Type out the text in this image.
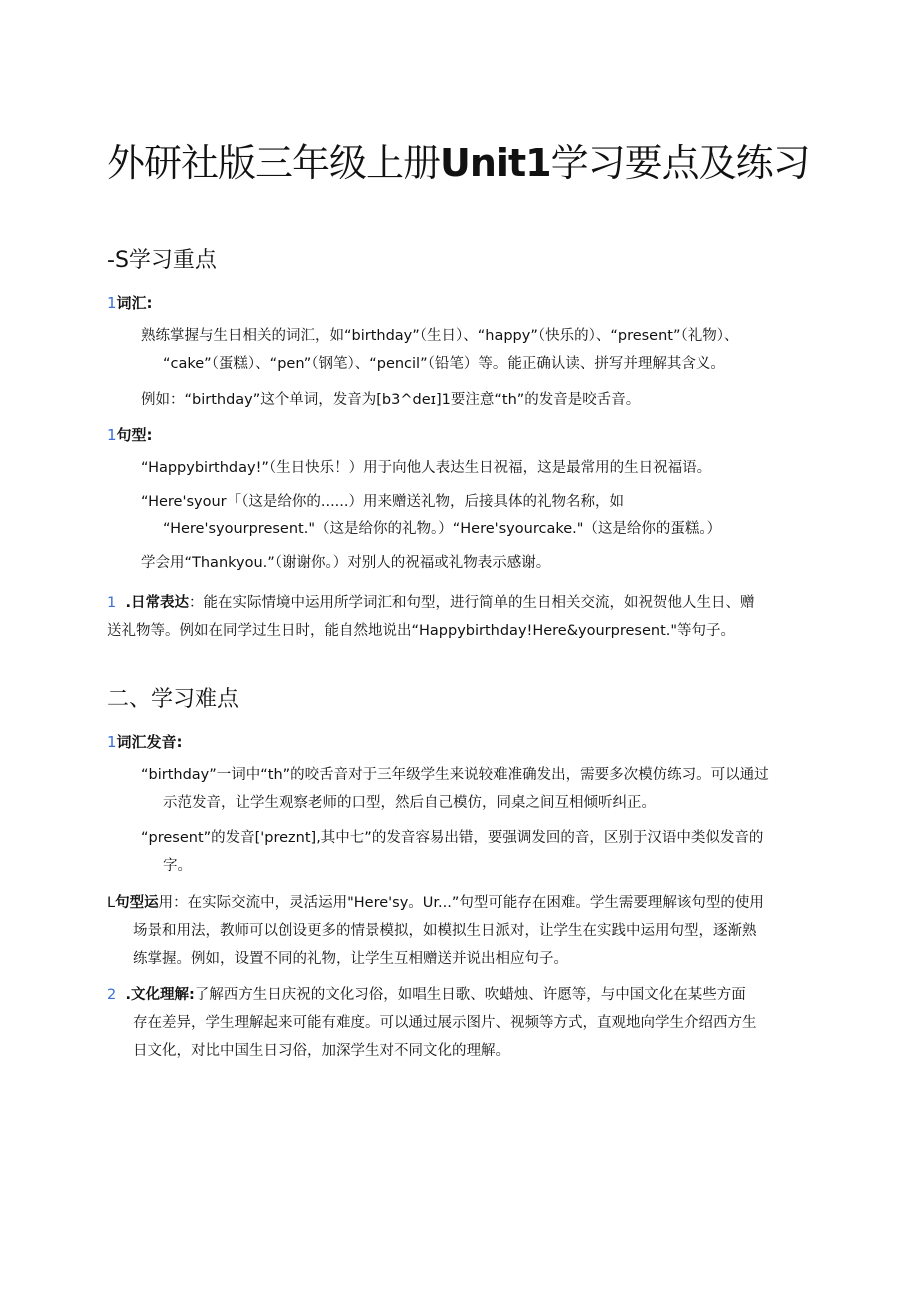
外研社版三年级上册Unit1学习要点及练习
-S学习重点
1词汇:

熟练掌握与生日相关的词汇，如“birthday”（生日）、“happy”（快乐的）、“present”（礼物）、

“cake”（蛋糕）、“pen”（钢笔）、“pencil”（铅笔）等。能正确认读、拼写并理解其含义。

例如：“birthday”这个单词，发音为[b3^deɪ]1要注意“th”的发音是咬舌音。

1句型:

“Happybirthday!”（生日快乐！）用于向他人表达生日祝福，这是最常用的生日祝福语。

“Here'syour「（这是给你的......）用来赠送礼物，后接具体的礼物名称，如

“Here'syourpresent."（这是给你的礼物。）“Here'syourcake."（这是给你的蛋糕。）

学会用“Thankyou.”（谢谢你。）对别人的祝福或礼物表示感谢。

1 .日常表达：能在实际情境中运用所学词汇和句型，进行简单的生日相关交流，如祝贺他人生日、赠
送礼物等。例如在同学过生日时，能自然地说出“Happybirthday!Here&yourpresent."等句子。
二、学习难点
1词汇发音:

“birthday”一词中“th”的咬舌音对于三年级学生来说较难准确发出，需要多次模仿练习。可以通过

示范发音，让学生观察老师的口型，然后自己模仿，同桌之间互相倾听纠正。

“present”的发音['preznt],其中七”的发音容易出错，要强调发回的音，区别于汉语中类似发音的

字。

L句型运用：在实际交流中，灵活运用"Here'sy。Ur...”句型可能存在困难。学生需要理解该句型的使用
场景和用法，教师可以创设更多的情景模拟，如模拟生日派对，让学生在实践中运用句型，逐渐熟
练掌握。例如，设置不同的礼物，让学生互相赠送并说出相应句子。
2 .文化理解:了解西方生日庆祝的文化习俗，如唱生日歌、吹蜡烛、许愿等，与中国文化在某些方面
存在差异，学生理解起来可能有难度。可以通过展示图片、视频等方式，直观地向学生介绍西方生
日文化，对比中国生日习俗，加深学生对不同文化的理解。
